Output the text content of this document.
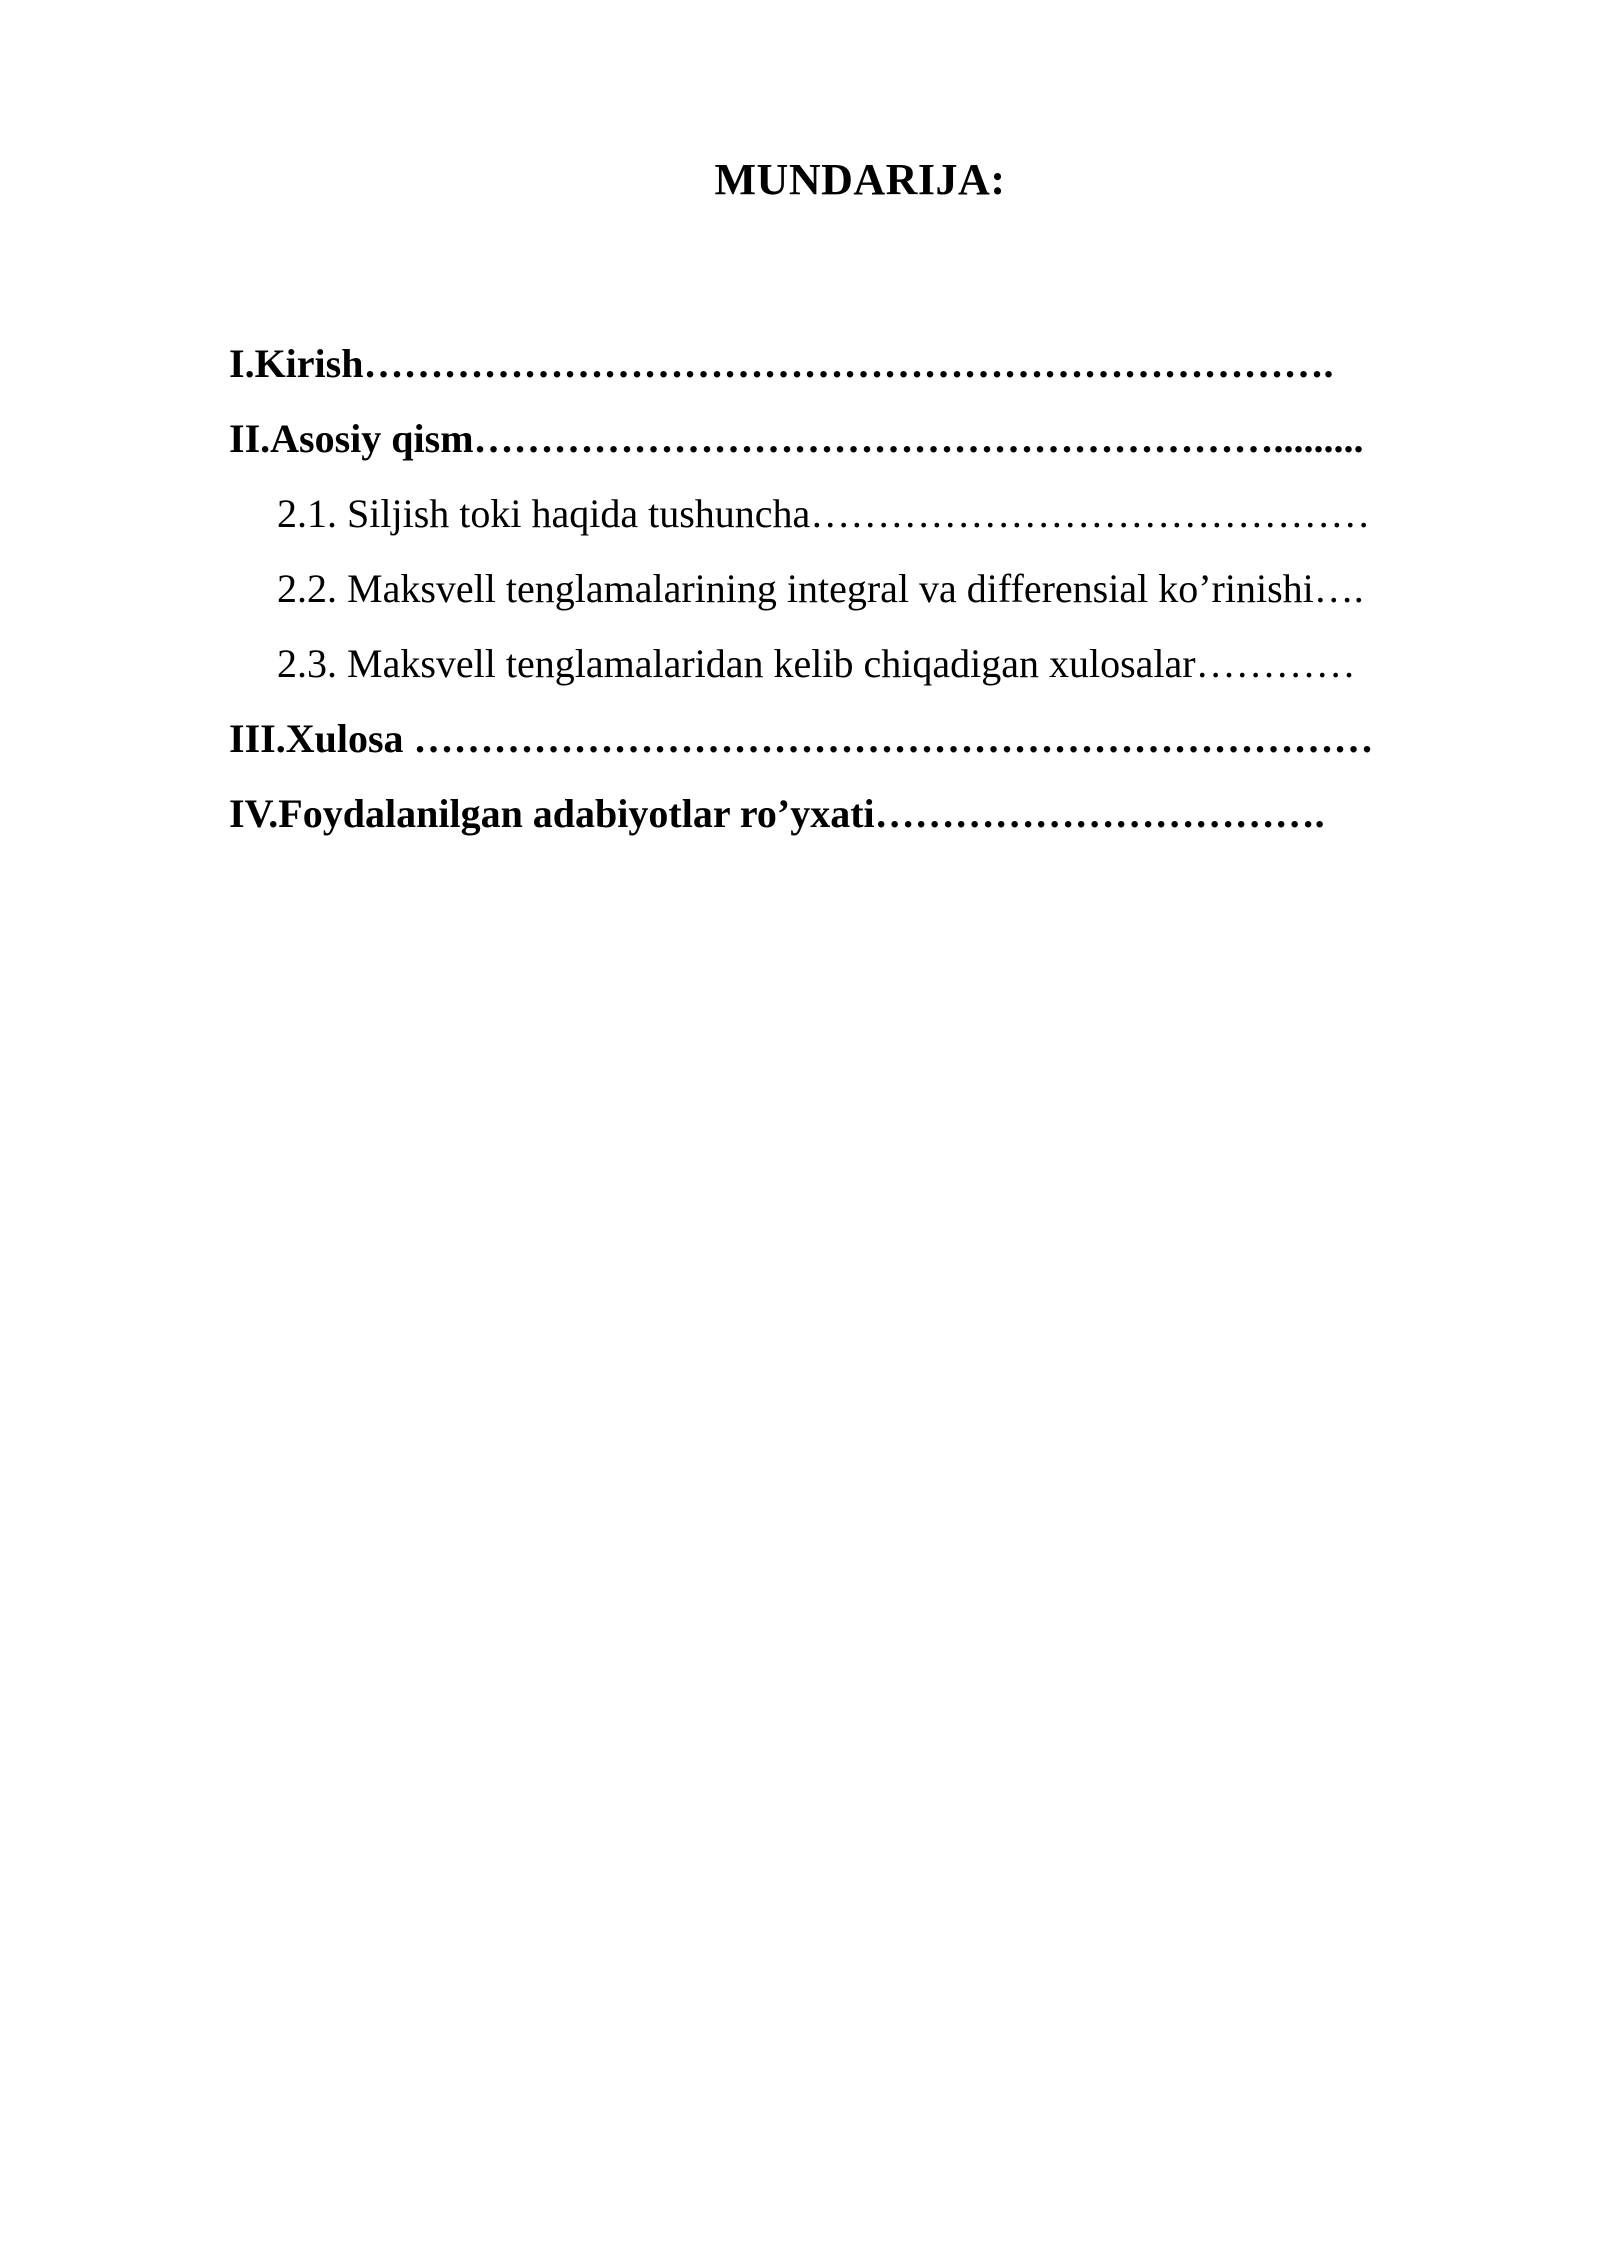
MUNDARIJA:
I.Kirish……………………………………………………………….
II.Asosiy qism…………………………………………………….........
2.1. Siljish toki haqida tushuncha……………………………………
2.2. Maksvell tenglamalarining integral va differensial ko’rinishi….
2.3. Maksvell tenglamalaridan kelib chiqadigan xulosalar…………
III.Xulosa ………………………………………………………………
IV.Foydalanilgan adabiyotlar ro’yxati…………………………….
